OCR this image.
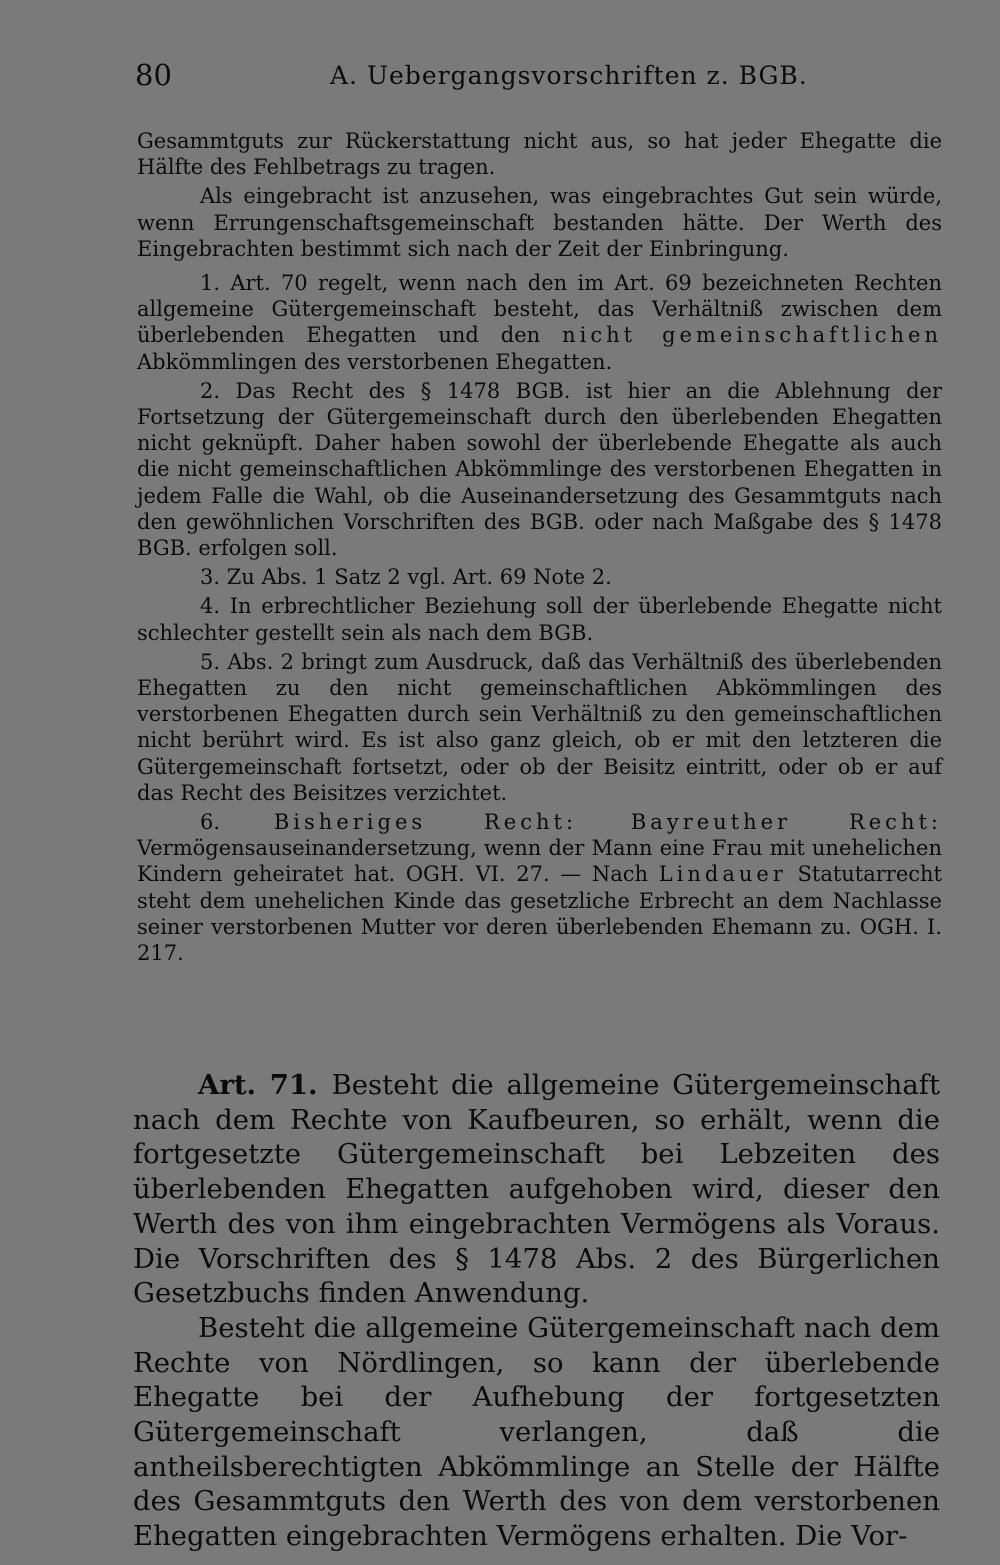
80	A. Uebergangsvorschriften z. BGB.

Gesammtguts zur Rückerstattung nicht aus, so hat jeder Ehegatte die Hälfte des Fehlbetrags zu tragen.

Als eingebracht ist anzusehen, was eingebrachtes Gut sein würde, wenn Errungenschaftsgemeinschaft bestanden hätte. Der Werth des Eingebrachten bestimmt sich nach der Zeit der Einbringung.

1. Art. 70 regelt, wenn nach den im Art. 69 bezeichneten Rechten allgemeine Gütergemeinschaft besteht, das Verhältniß zwischen dem überlebenden Ehegatten und den nicht gemeinschaftlichen Abkömmlingen des verstorbenen Ehegatten.

2. Das Recht des § 1478 BGB. ist hier an die Ablehnung der Fortsetzung der Gütergemeinschaft durch den überlebenden Ehegatten nicht geknüpft. Daher haben sowohl der überlebende Ehegatte als auch die nicht gemeinschaftlichen Abkömmlinge des verstorbenen Ehegatten in jedem Falle die Wahl, ob die Auseinandersetzung des Gesammtguts nach den gewöhnlichen Vorschriften des BGB. oder nach Maßgabe des § 1478 BGB. erfolgen soll.

3. Zu Abs. 1 Satz 2 vgl. Art. 69 Note 2.

4. In erbrechtlicher Beziehung soll der überlebende Ehegatte nicht schlechter gestellt sein als nach dem BGB.

5. Abs. 2 bringt zum Ausdruck, daß das Verhältniß des überlebenden Ehegatten zu den nicht gemeinschaftlichen Abkömmlingen des verstorbenen Ehegatten durch sein Verhältniß zu den gemeinschaftlichen nicht berührt wird. Es ist also ganz gleich, ob er mit den letzteren die Gütergemeinschaft fortsetzt, oder ob der Beisitz eintritt, oder ob er auf das Recht des Beisitzes verzichtet.

6. Bisheriges Recht:	Bayreuther Recht: Vermögensauseinandersetzung, wenn der Mann eine Frau mit unehelichen Kindern geheiratet hat. OGH. VI. 27. — Nach Lindauer Statutarrecht steht dem unehelichen Kinde das gesetzliche Erbrecht an dem Nachlasse seiner verstorbenen Mutter vor deren überlebenden Ehemann zu. OGH. I. 217.

Art. 71. Besteht die allgemeine Gütergemeinschaft nach dem Rechte von Kaufbeuren, so erhält, wenn die fortgesetzte Gütergemeinschaft bei Lebzeiten des überlebenden Ehegatten aufgehoben wird, dieser den Werth des von ihm eingebrachten Vermögens als Voraus. Die Vorschriften des § 1478 Abs. 2 des Bürgerlichen Gesetzbuchs finden Anwendung.

Besteht die allgemeine Gütergemeinschaft nach dem Rechte von Nördlingen, so kann der überlebende Ehegatte bei der Aufhebung der fortgesetzten Gütergemeinschaft verlangen, daß die antheilsberechtigten Abkömmlinge an Stelle der Hälfte des Gesammtguts den Werth des von dem verstorbenen Ehegatten eingebrachten Vermögens erhalten. Die Vor-
